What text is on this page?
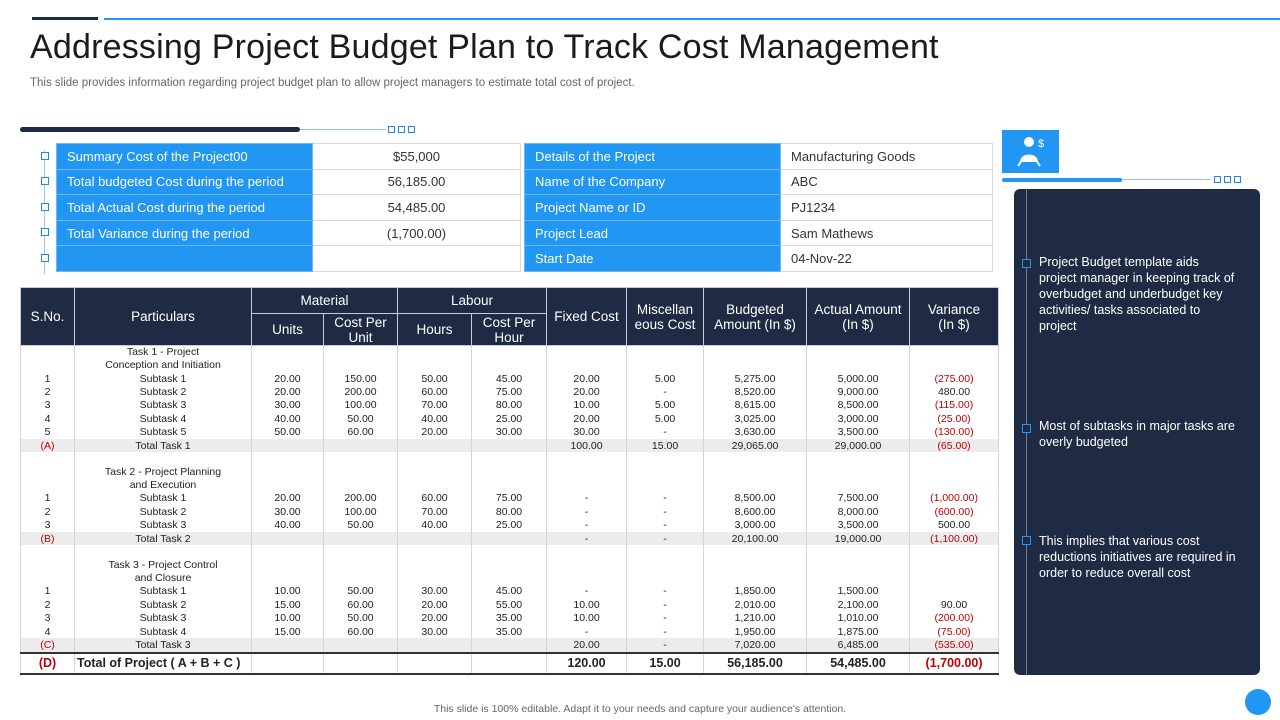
Addressing Project Budget Plan to Track Cost Management
This slide provides information regarding project budget plan to allow project managers to estimate total cost of project.
Summary Cost of the Project00	$55,000
Total budgeted Cost during the period	56,185.00
Total Actual Cost during the period	54,485.00
Total Variance during the period	(1,700.00)

Details of the Project	Manufacturing Goods
Name of the Company	ABC
Project Name or ID	PJ1234
Project Lead	Sam Mathews
Start Date	04-Nov-22
S.No.	Particulars	Material		Labour		Fixed Cost	Miscellan eous Cost	Budgeted Amount (In $)	Actual Amount (In $)	Variance (In $)
		Units	Cost Per Unit	Hours	Cost Per Hour					
	Task 1 - Project Conception and Initiation									
1	Subtask 1	20.00	150.00	50.00	45.00	20.00	5.00	5,275.00	5,000.00	(275.00)
2	Subtask 2	20.00	200.00	60.00	75.00	20.00	-	8,520.00	9,000.00	480.00
3	Subtask 3	30.00	100.00	70.00	80.00	10.00	5.00	8,615.00	8,500.00	(115.00)
4	Subtask 4	40.00	50.00	40.00	25.00	20.00	5.00	3,025.00	3,000.00	(25.00)
5	Subtask 5	50.00	60.00	20.00	30.00	30.00	-	3,630.00	3,500.00	(130.00)
(A)	Total Task 1					100.00	15.00	29,065.00	29,000.00	(65.00)

	Task 2 - Project Planning and Execution									
1	Subtask 1	20.00	200.00	60.00	75.00	-	-	8,500.00	7,500.00	(1,000.00)
2	Subtask 2	30.00	100.00	70.00	80.00	-	-	8,600.00	8,000.00	(600.00)
3	Subtask 3	40.00	50.00	40.00	25.00	-	-	3,000.00	3,500.00	500.00
(B)	Total Task 2					-	-	20,100.00	19,000.00	(1,100.00)

	Task 3 - Project Control and Closure									
1	Subtask 1	10.00	50.00	30.00	45.00	-	-	1,850.00	1,500.00	
2	Subtask 2	15.00	60.00	20.00	55.00	10.00	-	2,010.00	2,100.00	90.00
3	Subtask 3	10.00	50.00	20.00	35.00	10.00	-	1,210.00	1,010.00	(200.00)
4	Subtask 4	15.00	60.00	30.00	35.00	-	-	1,950.00	1,875.00	(75.00)
(C)	Total Task 3					20.00	-	7,020.00	6,485.00	(535.00)
(D)	Total of Project ( A + B + C )					120.00	15.00	56,185.00	54,485.00	(1,700.00)
$
Project Budget template aids project manager in keeping track of overbudget and underbudget key activities/ tasks associated to project
Most of subtasks in major tasks are overly budgeted
This implies that various cost reductions initiatives are required in order to reduce overall cost
This slide is 100% editable. Adapt it to your needs and capture your audience's attention.
